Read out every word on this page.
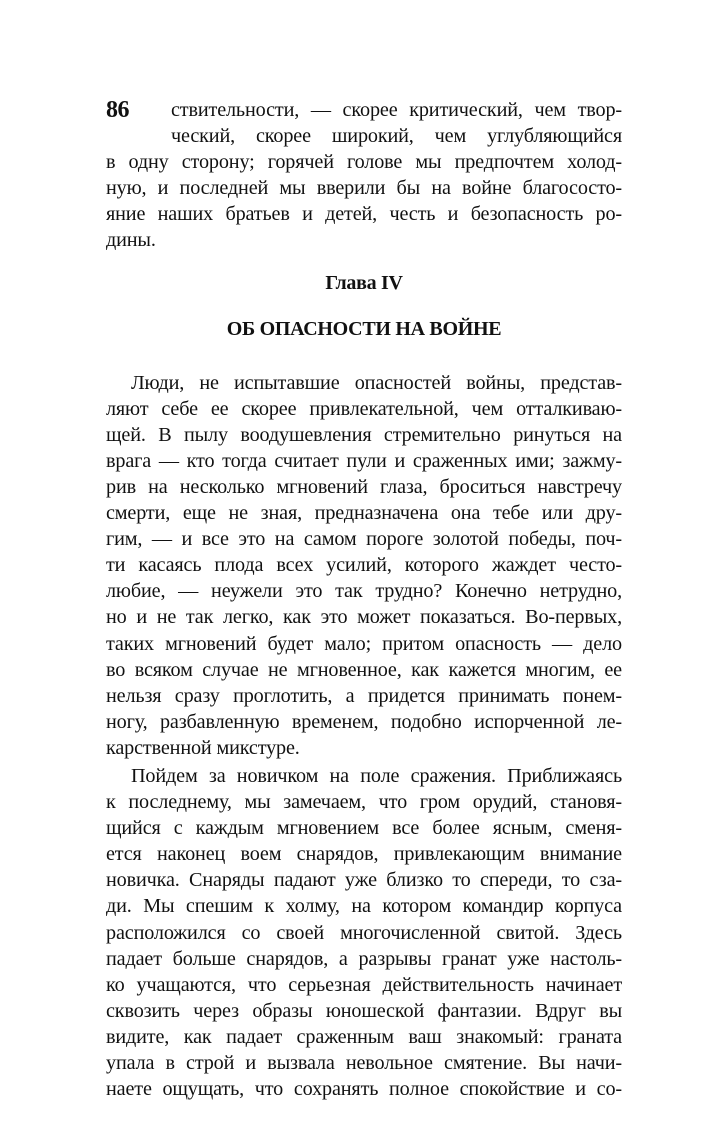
86 ствительности, — скорее критический, чем твор-
ческий, скорее широкий, чем углубляющийся
в одну сторону; горячей голове мы предпочтем холод-
ную, и последней мы вверили бы на войне благососто-
яние наших братьев и детей, честь и безопасность ро-
дины.
Глава IV
ОБ ОПАСНОСТИ НА ВОЙНЕ
Люди, не испытавшие опасностей войны, представ-
ляют себе ее скорее привлекательной, чем отталкиваю-
щей. В пылу воодушевления стремительно ринуться на
врага — кто тогда считает пули и сраженных ими; зажму-
рив на несколько мгновений глаза, броситься навстречу
смерти, еще не зная, предназначена она тебе или дру-
гим, — и все это на самом пороге золотой победы, поч-
ти касаясь плода всех усилий, которого жаждет често-
любие, — неужели это так трудно? Конечно нетрудно,
но и не так легко, как это может показаться. Во-первых,
таких мгновений будет мало; притом опасность — дело
во всяком случае не мгновенное, как кажется многим, ее
нельзя сразу проглотить, а придется принимать понем-
ногу, разбавленную временем, подобно испорченной ле-
карственной микстуре.
Пойдем за новичком на поле сражения. Приближаясь
к последнему, мы замечаем, что гром орудий, становя-
щийся с каждым мгновением все более ясным, сменя-
ется наконец воем снарядов, привлекающим внимание
новичка. Снаряды падают уже близко то спереди, то сза-
ди. Мы спешим к холму, на котором командир корпуса
расположился со своей многочисленной свитой. Здесь
падает больше снарядов, а разрывы гранат уже настоль-
ко учащаются, что серьезная действительность начинает
сквозить через образы юношеской фантазии. Вдруг вы
видите, как падает сраженным ваш знакомый: граната
упала в строй и вызвала невольное смятение. Вы начи-
наете ощущать, что сохранять полное спокойствие и со-
